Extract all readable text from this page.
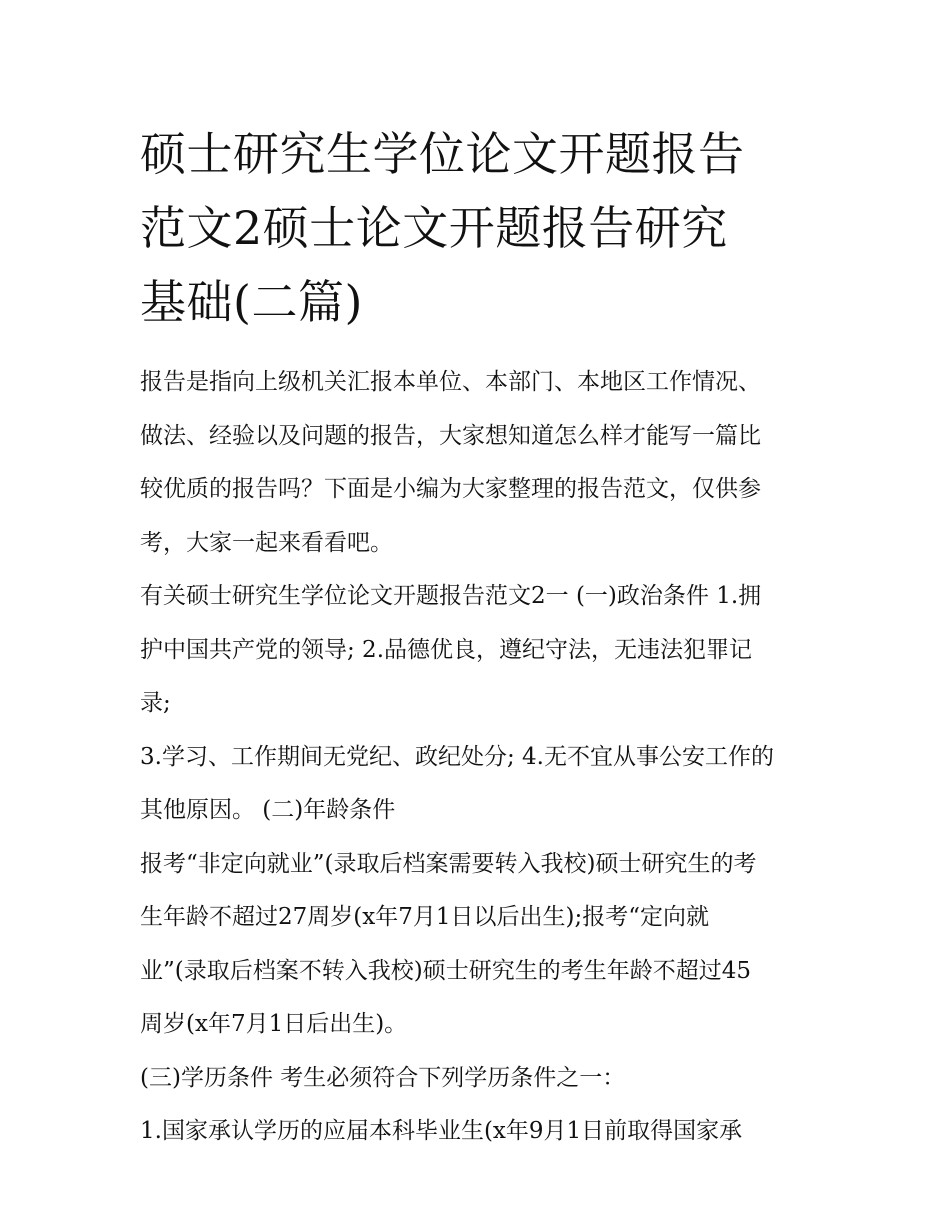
硕士研究生学位论文开题报告
范文2硕士论文开题报告研究
基础(二篇)
报告是指向上级机关汇报本单位、本部门、本地区工作情况、
做法、经验以及问题的报告，大家想知道怎么样才能写一篇比
较优质的报告吗？下面是小编为大家整理的报告范文，仅供参
考，大家一起来看看吧。
有关硕士研究生学位论文开题报告范文2一 (一)政治条件 1.拥
护中国共产党的领导; 2.品德优良，遵纪守法，无违法犯罪记
录;
3.学习、工作期间无党纪、政纪处分; 4.无不宜从事公安工作的
其他原因。 (二)年龄条件
报考“非定向就业”(录取后档案需要转入我校)硕士研究生的考
生年龄不超过27周岁(x年7月1日以后出生);报考“定向就
业”(录取后档案不转入我校)硕士研究生的考生年龄不超过45
周岁(x年7月1日后出生)。
(三)学历条件 考生必须符合下列学历条件之一：
1.国家承认学历的应届本科毕业生(x年9月1日前取得国家承
